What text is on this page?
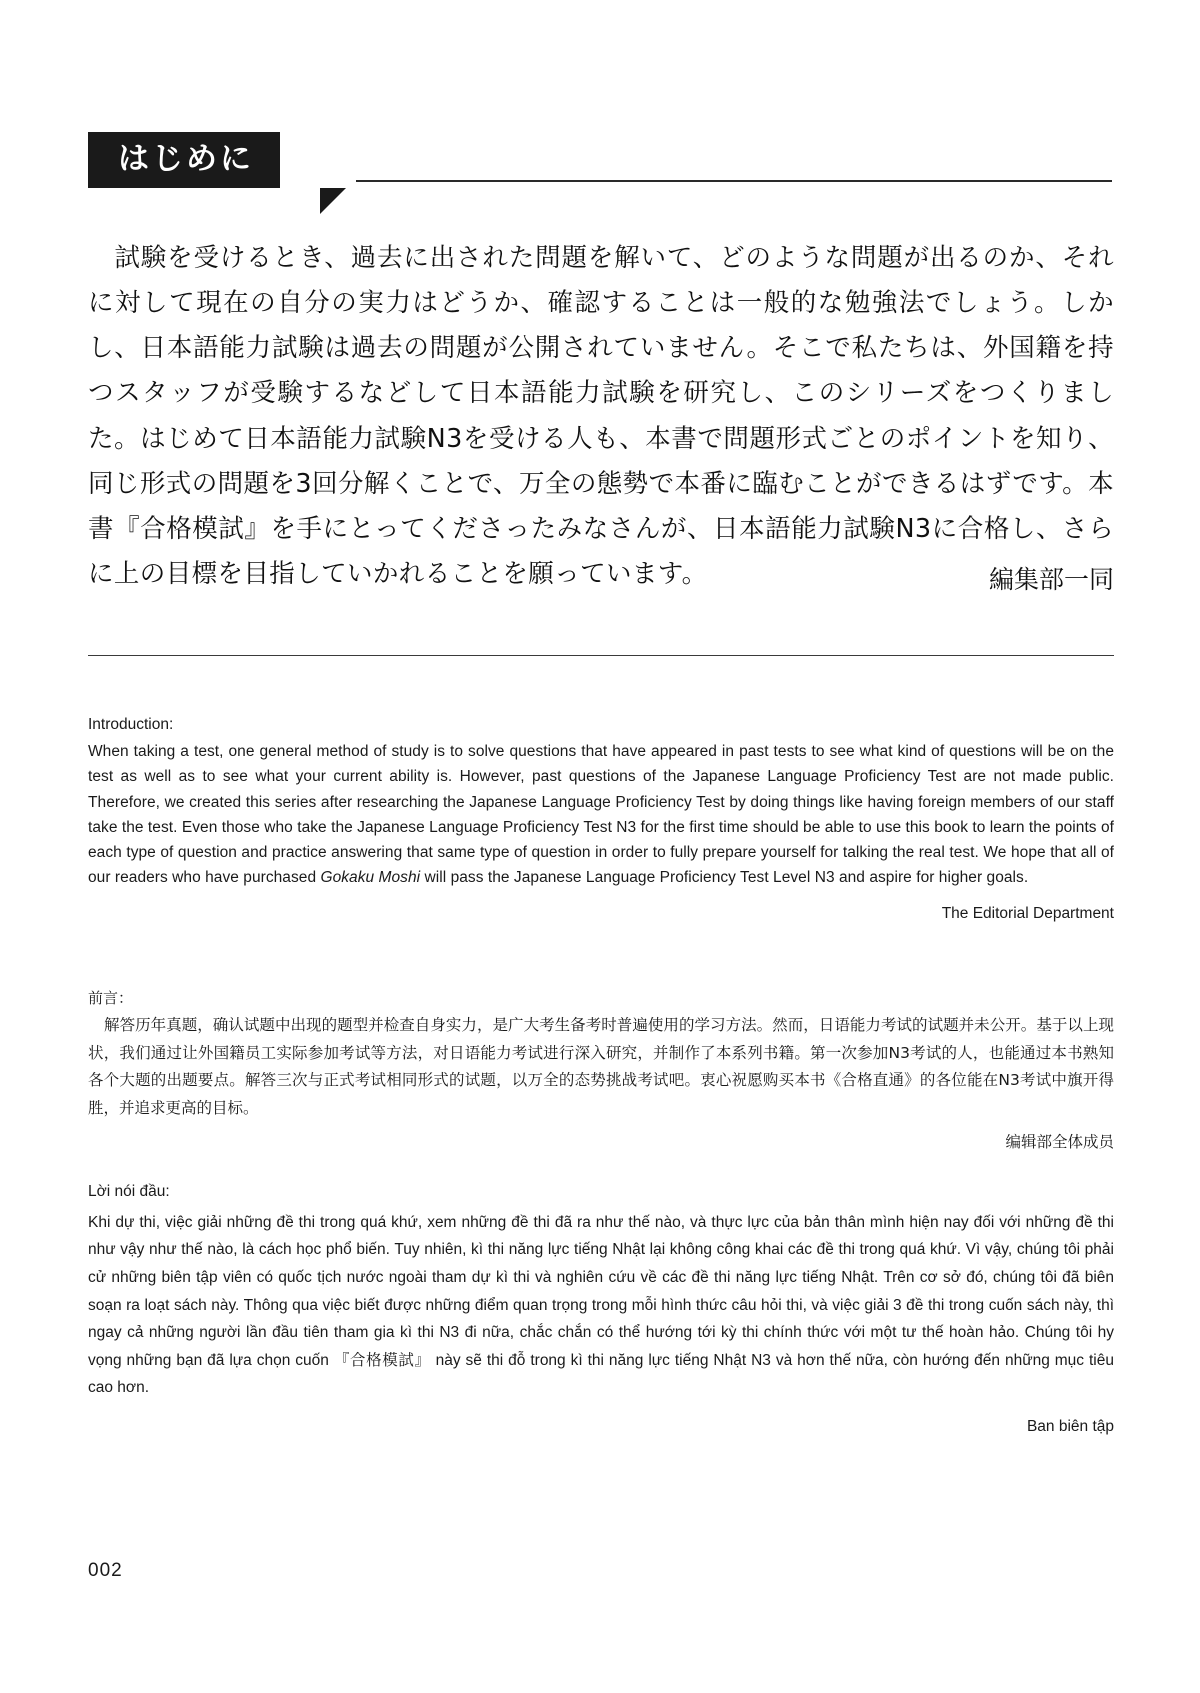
はじめに
試験を受けるとき、過去に出された問題を解いて、どのような問題が出るのか、それに対して現在の自分の実力はどうか、確認することは一般的な勉強法でしょう。しかし、日本語能力試験は過去の問題が公開されていません。そこで私たちは、外国籍を持つスタッフが受験するなどして日本語能力試験を研究し、このシリーズをつくりました。はじめて日本語能力試験N3を受ける人も、本書で問題形式ごとのポイントを知り、同じ形式の問題を3回分解くことで、万全の態勢で本番に臨むことができるはずです。本書『合格模試』を手にとってくださったみなさんが、日本語能力試験N3に合格し、さらに上の目標を目指していかれることを願っています。	編集部一同
Introduction:
When taking a test, one general method of study is to solve questions that have appeared in past tests to see what kind of questions will be on the test as well as to see what your current ability is. However, past questions of the Japanese Language Proficiency Test are not made public. Therefore, we created this series after researching the Japanese Language Proficiency Test by doing things like having foreign members of our staff take the test. Even those who take the Japanese Language Proficiency Test N3 for the first time should be able to use this book to learn the points of each type of question and practice answering that same type of question in order to fully prepare yourself for talking the real test. We hope that all of our readers who have purchased Gokaku Moshi will pass the Japanese Language Proficiency Test Level N3 and aspire for higher goals.
The Editorial Department
前言：
解答历年真题，确认试题中出现的题型并检查自身实力，是广大考生备考时普遍使用的学习方法。然而，日语能力考试的试题并未公开。基于以上现状，我们通过让外国籍员工实际参加考试等方法，对日语能力考试进行深入研究，并制作了本系列书籍。第一次参加N3考试的人，也能通过本书熟知各个大题的出题要点。解答三次与正式考试相同形式的试题，以万全的态势挑战考试吧。衷心祝愿购买本书《合格直通》的各位能在N3考试中旗开得胜，并追求更高的目标。
编辑部全体成员
Lời nói đầu:
Khi dự thi, việc giải những đề thi trong quá khứ, xem những đề thi đã ra như thế nào, và thực lực của bản thân mình hiện nay đối với những đề thi như vậy như thế nào, là cách học phổ biến. Tuy nhiên, kì thi năng lực tiếng Nhật lại không công khai các đề thi trong quá khứ. Vì vậy, chúng tôi phải cử những biên tập viên có quốc tịch nước ngoài tham dự kì thi và nghiên cứu về các đề thi năng lực tiếng Nhật. Trên cơ sở đó, chúng tôi đã biên soạn ra loạt sách này. Thông qua việc biết được những điểm quan trọng trong mỗi hình thức câu hỏi thi, và việc giải 3 đề thi trong cuốn sách này, thì ngay cả những người lần đầu tiên tham gia kì thi N3 đi nữa, chắc chắn có thể hướng tới kỳ thi chính thức với một tư thế hoàn hảo. Chúng tôi hy vọng những bạn đã lựa chọn cuốn 『合格模試』 này sẽ thi đỗ trong kì thi năng lực tiếng Nhật N3 và hơn thế nữa, còn hướng đến những mục tiêu cao hơn.
Ban biên tập
002
